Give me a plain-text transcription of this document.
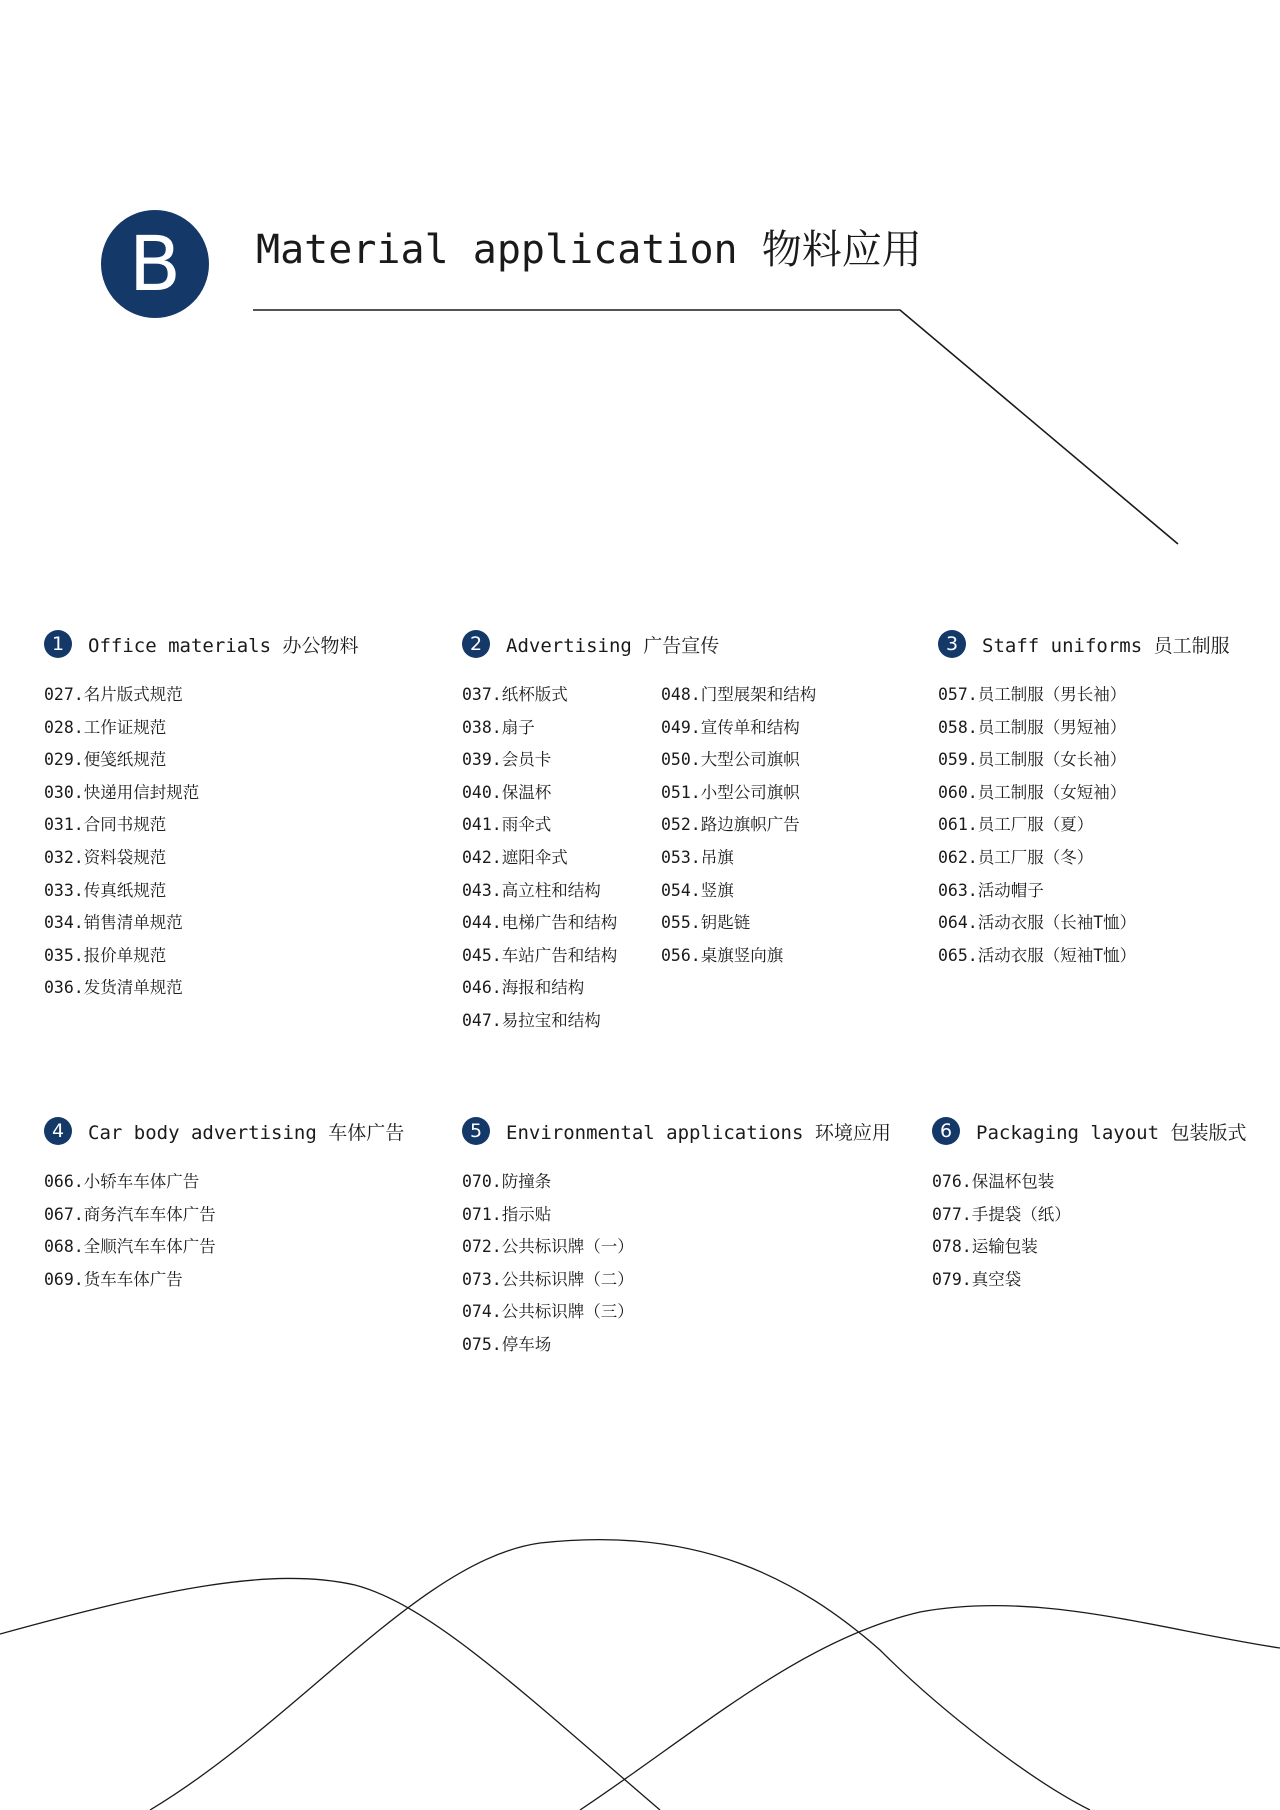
B	Material application 物料应用
1	Office materials 办公物料
027.名片版式规范
028.工作证规范
029.便笺纸规范
030.快递用信封规范
031.合同书规范
032.资料袋规范
033.传真纸规范
034.销售清单规范
035.报价单规范
036.发货清单规范
2	Advertising 广告宣传
037.纸杯版式
038.扇子
039.会员卡
040.保温杯
041.雨伞式
042.遮阳伞式
043.高立柱和结构
044.电梯广告和结构
045.车站广告和结构
046.海报和结构
047.易拉宝和结构
048.门型展架和结构
049.宣传单和结构
050.大型公司旗帜
051.小型公司旗帜
052.路边旗帜广告
053.吊旗
054.竖旗
055.钥匙链
056.桌旗竖向旗
3	Staff uniforms 员工制服
057.员工制服（男长袖）
058.员工制服（男短袖）
059.员工制服（女长袖）
060.员工制服（女短袖）
061.员工厂服（夏）
062.员工厂服（冬）
063.活动帽子
064.活动衣服（长袖T恤）
065.活动衣服（短袖T恤）
4	Car body advertising 车体广告
066.小轿车车体广告
067.商务汽车车体广告
068.全顺汽车车体广告
069.货车车体广告
5	Environmental applications 环境应用
070.防撞条
071.指示贴
072.公共标识牌（一）
073.公共标识牌（二）
074.公共标识牌（三）
075.停车场
6	Packaging layout 包装版式
076.保温杯包装
077.手提袋（纸）
078.运输包装
079.真空袋
